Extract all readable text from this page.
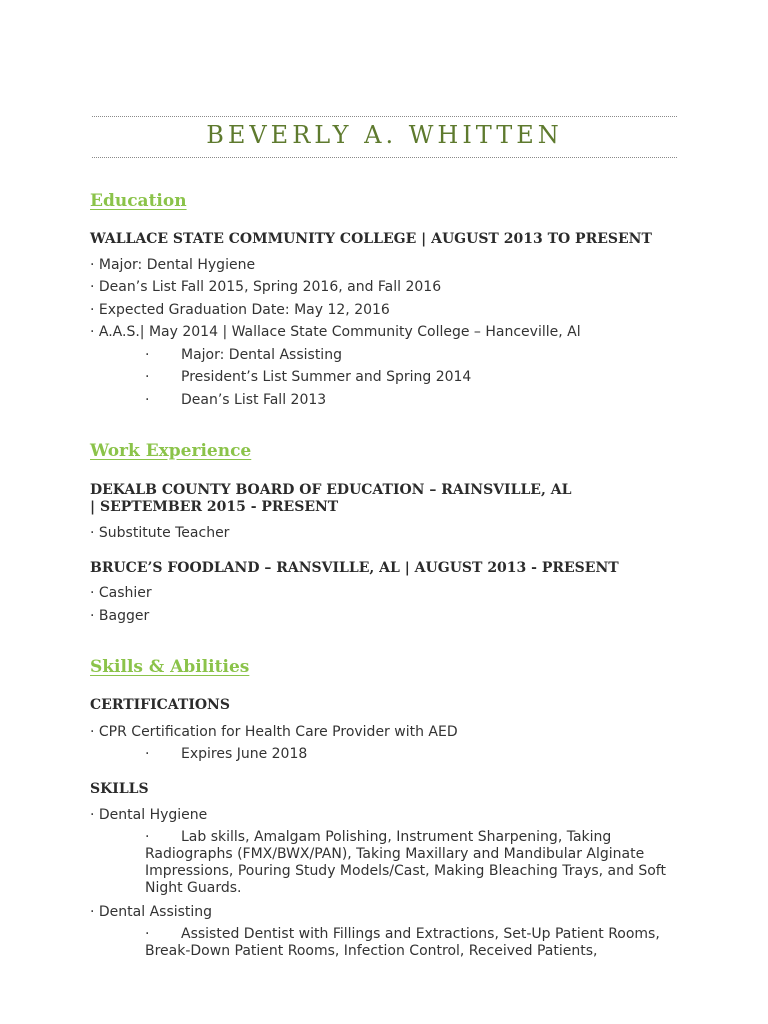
BEVERLY A. WHITTEN
Education
WALLACE STATE COMMUNITY COLLEGE | AUGUST 2013 TO PRESENT
· Major: Dental Hygiene
· Dean’s List Fall 2015, Spring 2016, and Fall 2016
· Expected Graduation Date: May 12, 2016
· A.A.S.| May 2014 | Wallace State Community College – Hanceville, Al
· Major: Dental Assisting
· President’s List Summer and Spring 2014
· Dean’s List Fall 2013
Work Experience
DEKALB COUNTY BOARD OF EDUCATION – RAINSVILLE, AL
| SEPTEMBER 2015 - PRESENT
· Substitute Teacher
BRUCE’S FOODLAND – RANSVILLE, AL | AUGUST 2013 - PRESENT
· Cashier
· Bagger
Skills & Abilities
CERTIFICATIONS
· CPR Certification for Health Care Provider with AED
· Expires June 2018
SKILLS
· Dental Hygiene
· Lab skills, Amalgam Polishing, Instrument Sharpening, Taking Radiographs (FMX/BWX/PAN), Taking Maxillary and Mandibular Alginate Impressions, Pouring Study Models/Cast, Making Bleaching Trays, and Soft Night Guards.
· Dental Assisting
· Assisted Dentist with Fillings and Extractions, Set-Up Patient Rooms, Break-Down Patient Rooms, Infection Control, Received Patients,
